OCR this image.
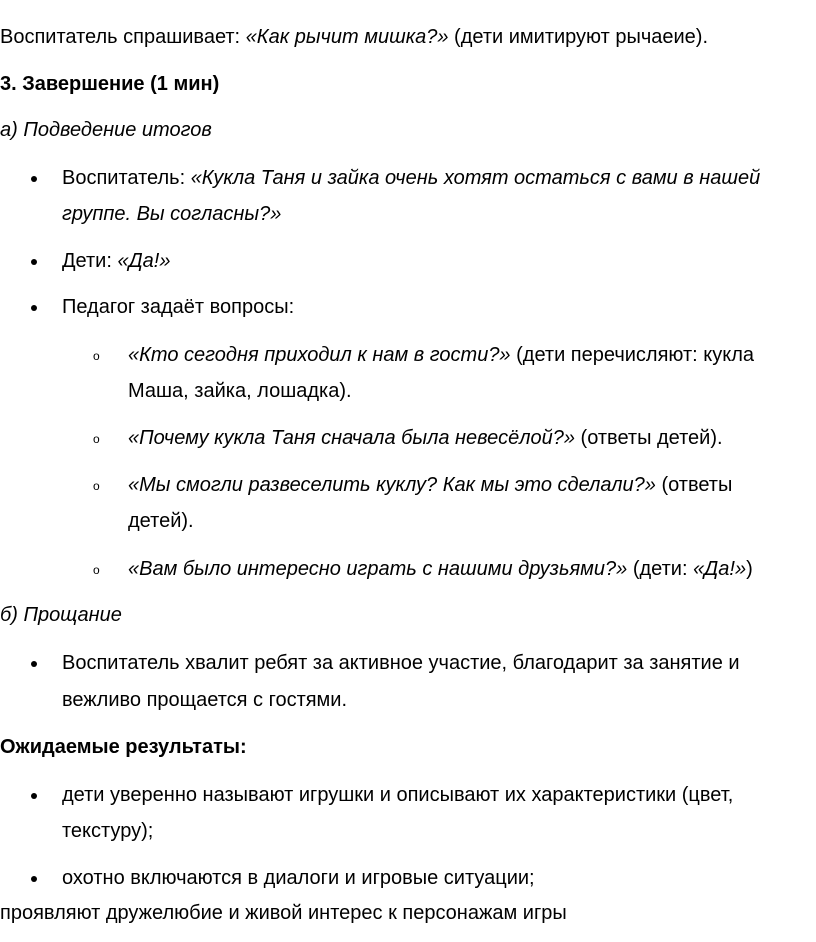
Воспитатель спрашивает: «Как рычит мишка?» (дети имитируют рычаеие).
3. Завершение (1 мин)
а) Подведение итогов
Воспитатель: «Кукла Таня и зайка очень хотят остаться с вами в нашей
группе. Вы согласны?»
Дети: «Да!»
Педагог задаёт вопросы:
o «Кто сегодня приходил к нам в гости?» (дети перечисляют: кукла
Маша, зайка, лошадка).
o «Почему кукла Таня сначала была невесёлой?» (ответы детей).
o «Мы смогли развеселить куклу? Как мы это сделали?» (ответы
детей).
o «Вам было интересно играть с нашими друзьями?» (дети: «Да!»)
б) Прощание
Воспитатель хвалит ребят за активное участие, благодарит за занятие и
вежливо прощается с гостями.
Ожидаемые результаты:
дети уверенно называют игрушки и описывают их характеристики (цвет,
текстуру);
охотно включаются в диалоги и игровые ситуации;
проявляют дружелюбие и живой интерес к персонажам игры
